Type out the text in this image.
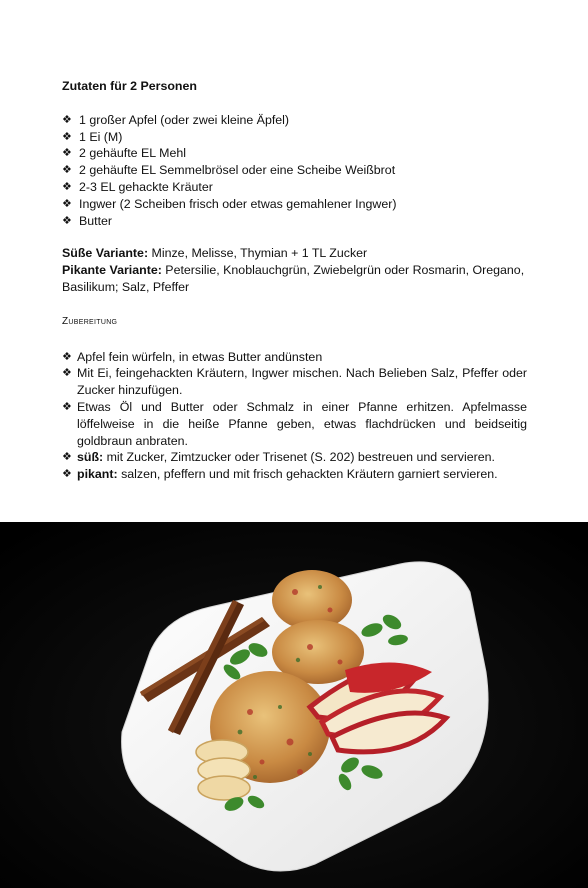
Zutaten für 2 Personen
❖ 1 großer Apfel (oder zwei kleine Äpfel)
❖ 1 Ei (M)
❖ 2 gehäufte EL Mehl
❖ 2 gehäufte EL Semmelbrösel oder eine Scheibe Weißbrot
❖ 2-3 EL gehackte Kräuter
❖ Ingwer (2 Scheiben frisch oder etwas gemahlener Ingwer)
❖ Butter

Süße Variante: Minze, Melisse, Thymian + 1 TL Zucker

Pikante Variante: Petersilie, Knoblauchgrün, Zwiebelgrün oder Rosmarin, Oregano, Basilikum; Salz, Pfeffer

Zubereitung
❖ Apfel fein würfeln, in etwas Butter andünsten
❖ Mit Ei, feingehackten Kräutern, Ingwer mischen. Nach Belieben Salz, Pfeffer oder Zucker hinzufügen.
❖ Etwas Öl und Butter oder Schmalz in einer Pfanne erhitzen. Apfelmasse löffelweise in die heiße Pfanne geben, etwas flachdrücken und beidseitig goldbraun anbraten.
❖ süß: mit Zucker, Zimtzucker oder Trisenet (S. 202) bestreuen und servieren.
❖ pikant: salzen, pfeffern und mit frisch gehackten Kräutern garniert servieren.
